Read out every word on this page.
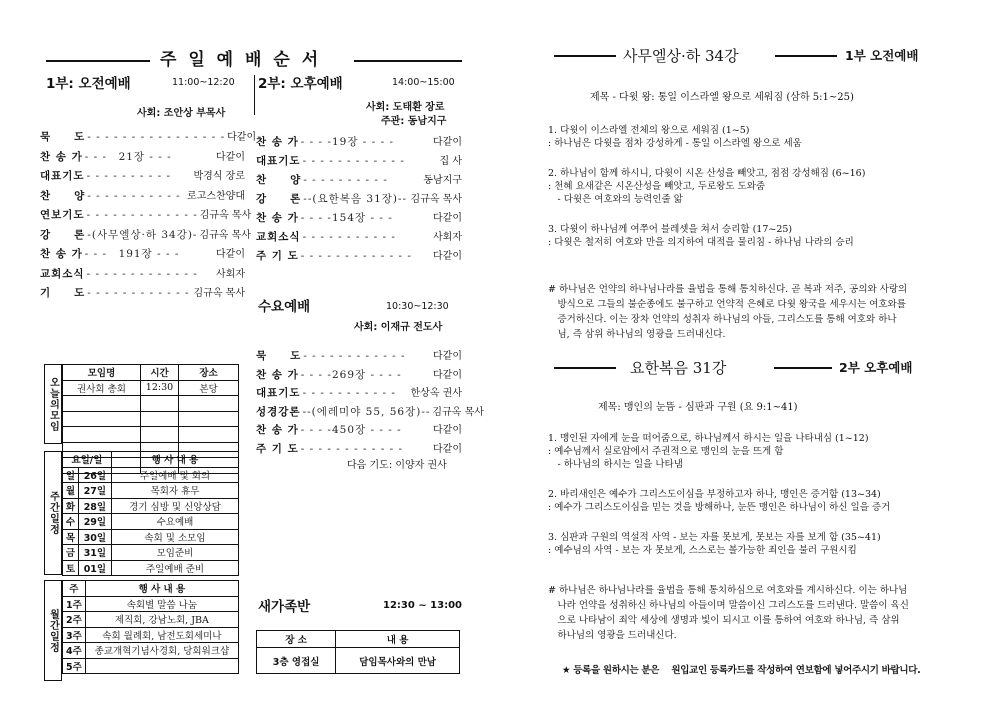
주 일 예 배 순 서
1부: 오전예배	11:00~12:20
사회: 조안상 부목사
묵　　도 - - - - - - - - - - - - - - - - 다같이
찬 송 가 - - -　21장 - - -	다같이
대표기도 - - - - - - - - - -	박경식 장로
찬　　양 - - - - - - - - - - - 로고스찬양대
연보기도 - - - - - - - - - - - - - 김규옥 목사
강　　론 -(사무엘상·하 34강)- 김규옥 목사
찬 송 가 - - -　191장 - - -	다같이
교회소식 - - - - - - - - - - - - -	사회자
기　　도 - - - - - - - - - - - - 김규옥 목사
2부: 오후예배	14:00~15:00
사회: 도태환 장로
주관: 동남지구
찬 송 가 - - - -19장 - - - -	다같이
대표기도 - - - - - - - - - - - -	집 사
찬　　양 - - - - - - - - - -	동남지구
강　　론 --(요한복음 31장)-- 김규옥 목사
찬 송 가 - - - -154장 - - -	다같이
교회소식 - - - - - - - - - - -	사회자
주 기 도 - - - - - - - - - - - - -	다같이
수요예배	10:30~12:30
사회: 이재규 전도사
묵　　도 - - - - - - - - - - - -	다같이
찬 송 가 - - - -269장 - - - -	다같이
대표기도 - - - - - - - - - - -	한상옥 권사
성경강론 --(에레미야 55, 56장)-- 김규옥 목사
찬 송 가 - - - -450장 - - - -	다같이
주 기 도 - - - - - - - - - - - -	다같이
다음 기도: 이양자 권사
새가족반	12:30 ~ 13:00
장 소	내 용
3층 영접실	담임목사와의 만남
오늘의모임
모임명	시간	장소
권사회 총회	12:30	본당

주간일정
요일/일		행 사 내 용
일	26일	주일예배 및 회의
월	27일	목회자 휴무
화	28일	경기 심방 및 신앙상담
수	29일	수요예배
목	30일	속회 및 소모임
금	31일	모임준비
토	01일	주일예배 준비
월간일정
주	행 사 내 용
1주	속회별 말씀 나눔
2주	제직회, 강남노회, JBA
3주	속회 월례회, 남전도회세미나
4주	종교개혁기념사경회, 당회워크샵
5주	
사무엘상·하 34강	1부 오전예배
제목 - 다윗 왕: 통일 이스라엘 왕으로 세워짐 (삼하 5:1~25)

1. 다윗이 이스라엘 전체의 왕으로 세워짐 (1~5)

: 하나님은 다윗을 점차 강성하게 - 통일 이스라엘 왕으로 세움

2. 하나님이 함께 하시니, 다윗이 시온 산성을 빼앗고, 점점 강성해짐 (6~16)

: 천혜 요새같은 시온산성을 빼앗고, 두로왕도 도와줌

　- 다윗은 여호와의 능력인줄 앎

3. 다윗이 하나님께 여쭈어 블레셋을 쳐서 승리함 (17~25)

: 다윗은 철저히 여호와 만을 의지하여 대적을 물리침 - 하나님 나라의 승리

# 하나님은 언약의 하나님나라를 율법을 통해 통치하신다. 곧 복과 저주, 공의와 사랑의

　방식으로 그들의 불순종에도 불구하고 언약적 은혜로 다윗 왕국을 세우시는 여호와를

　증거하신다. 이는 장차 언약의 성취자 하나님의 아들, 그리스도를 통해 여호와 하나

　님, 즉 삼위 하나님의 영광을 드러내신다.

요한복음 31강	2부 오후예배
제목: 맹인의 눈뜸 - 심판과 구원 (요 9:1~41)

1. 맹인된 자에게 눈을 떠어줌으로, 하나님께서 하시는 일을 나타내심 (1~12)

: 예수님께서 실로암에서 주권적으로 맹인의 눈을 뜨게 함

　- 하나님의 하시는 일을 나타냄

2. 바리새인은 예수가 그리스도이심을 부정하고자 하나, 맹인은 증거함 (13~34)

: 예수가 그리스도이심을 믿는 것을 방해하나, 눈뜬 맹인은 하나님이 하신 일을 증거

3. 심판과 구원의 역설적 사역 - 보는 자를 못보게, 못보는 자를 보게 함 (35~41)

: 예수님의 사역 - 보는 자 못보게, 스스로는 볼가능한 죄인을 불러 구원시킴

# 하나님은 하나님나라를 율법을 통해 통치하심으로 여호와를 계시하신다. 이는 하나님

　나라 언약을 성취하신 하나님의 아들이며 말씀이신 그리스도를 드러낸다. 말씀이 육신

　으로 나타남이 죄악 세상에 생명과 빛이 되시고 이를 통하여 여호와 하나님, 즉 삼위

　하나님의 영광을 드러내신다.

★ 등록을 원하시는 분은 　원입교인 등록카드를 작성하여 연보함에 넣어주시기 바랍니다.
